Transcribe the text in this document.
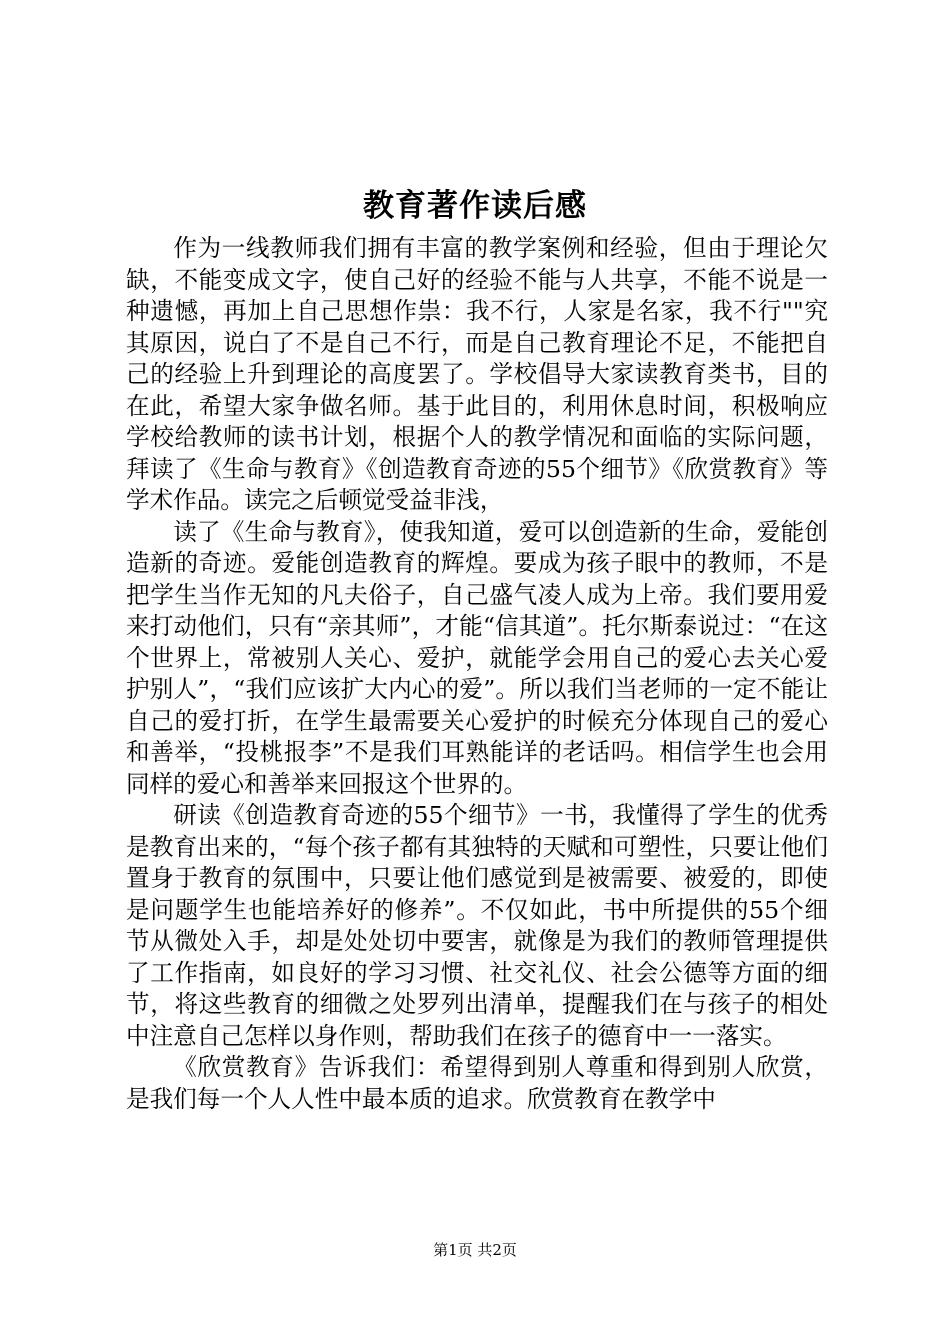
教育著作读后感

作为一线教师我们拥有丰富的教学案例和经验，但由于理论欠缺，不能变成文字，使自己好的经验不能与人共享，不能不说是一种遗憾，再加上自己思想作祟：我不行，人家是名家，我不行""究其原因，说白了不是自己不行，而是自己教育理论不足，不能把自己的经验上升到理论的高度罢了。学校倡导大家读教育类书，目的在此，希望大家争做名师。基于此目的，利用休息时间，积极响应学校给教师的读书计划，根据个人的教学情况和面临的实际问题，拜读了《生命与教育》《创造教育奇迹的55个细节》《欣赏教育》等学术作品。读完之后顿觉受益非浅，

读了《生命与教育》，使我知道，爱可以创造新的生命，爱能创造新的奇迹。爱能创造教育的辉煌。要成为孩子眼中的教师，不是把学生当作无知的凡夫俗子，自己盛气凌人成为上帝。我们要用爱来打动他们，只有“亲其师”，才能“信其道”。托尔斯泰说过：“在这个世界上，常被别人关心、爱护，就能学会用自己的爱心去关心爱护别人”，“我们应该扩大内心的爱”。所以我们当老师的一定不能让自己的爱打折，在学生最需要关心爱护的时候充分体现自己的爱心和善举，“投桃报李”不是我们耳熟能详的老话吗。相信学生也会用同样的爱心和善举来回报这个世界的。

研读《创造教育奇迹的55个细节》一书，我懂得了学生的优秀是教育出来的，“每个孩子都有其独特的天赋和可塑性，只要让他们置身于教育的氛围中，只要让他们感觉到是被需要、被爱的，即使是问题学生也能培养好的修养”。不仅如此，书中所提供的55个细节从微处入手，却是处处切中要害，就像是为我们的教师管理提供了工作指南，如良好的学习习惯、社交礼仪、社会公德等方面的细节，将这些教育的细微之处罗列出清单，提醒我们在与孩子的相处中注意自己怎样以身作则，帮助我们在孩子的德育中一一落实。

《欣赏教育》告诉我们：希望得到别人尊重和得到别人欣赏，是我们每一个人人性中最本质的追求。欣赏教育在教学中

第1页 共2页
